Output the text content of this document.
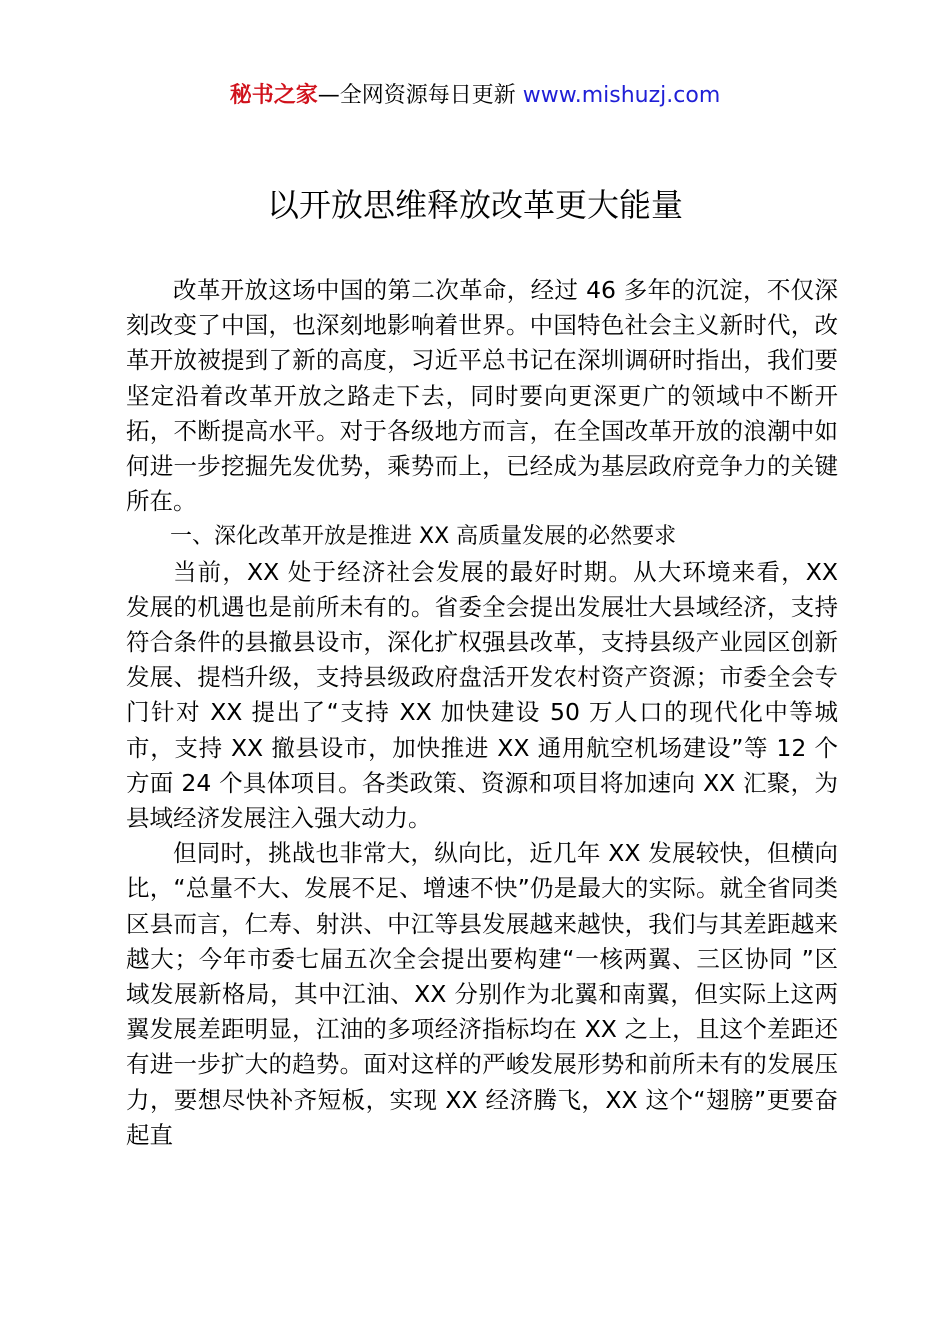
秘书之家—全网资源每日更新 www.mishuzj.com
以开放思维释放改革更大能量

改革开放这场中国的第二次革命，经过 46 多年的沉淀，不仅深刻改变了中国，也深刻地影响着世界。中国特色社会主义新时代，改革开放被提到了新的高度，习近平总书记在深圳调研时指出，我们要坚定沿着改革开放之路走下去，同时要向更深更广的领域中不断开拓，不断提高水平。对于各级地方而言，在全国改革开放的浪潮中如何进一步挖掘先发优势，乘势而上，已经成为基层政府竞争力的关键所在。

一、深化改革开放是推进 XX 高质量发展的必然要求

当前，XX 处于经济社会发展的最好时期。从大环境来看，XX 发展的机遇也是前所未有的。省委全会提出发展壮大县域经济，支持符合条件的县撤县设市，深化扩权强县改革，支持县级产业园区创新发展、提档升级，支持县级政府盘活开发农村资产资源；市委全会专门针对 XX 提出了“支持 XX 加快建设 50 万人口的现代化中等城市，支持 XX 撤县设市，加快推进 XX 通用航空机场建设”等 12 个方面 24 个具体项目。各类政策、资源和项目将加速向 XX 汇聚，为县域经济发展注入强大动力。

但同时，挑战也非常大，纵向比，近几年 XX 发展较快，但横向比，“总量不大、发展不足、增速不快”仍是最大的实际。就全省同类区县而言，仁寿、射洪、中江等县发展越来越快，我们与其差距越来越大；今年市委七届五次全会提出要构建“一核两翼、三区协同 ”区域发展新格局，其中江油、XX 分别作为北翼和南翼，但实际上这两翼发展差距明显，江油的多项经济指标均在 XX 之上，且这个差距还有进一步扩大的趋势。面对这样的严峻发展形势和前所未有的发展压力，要想尽快补齐短板，实现 XX 经济腾飞，XX 这个“翅膀”更要奋起直
